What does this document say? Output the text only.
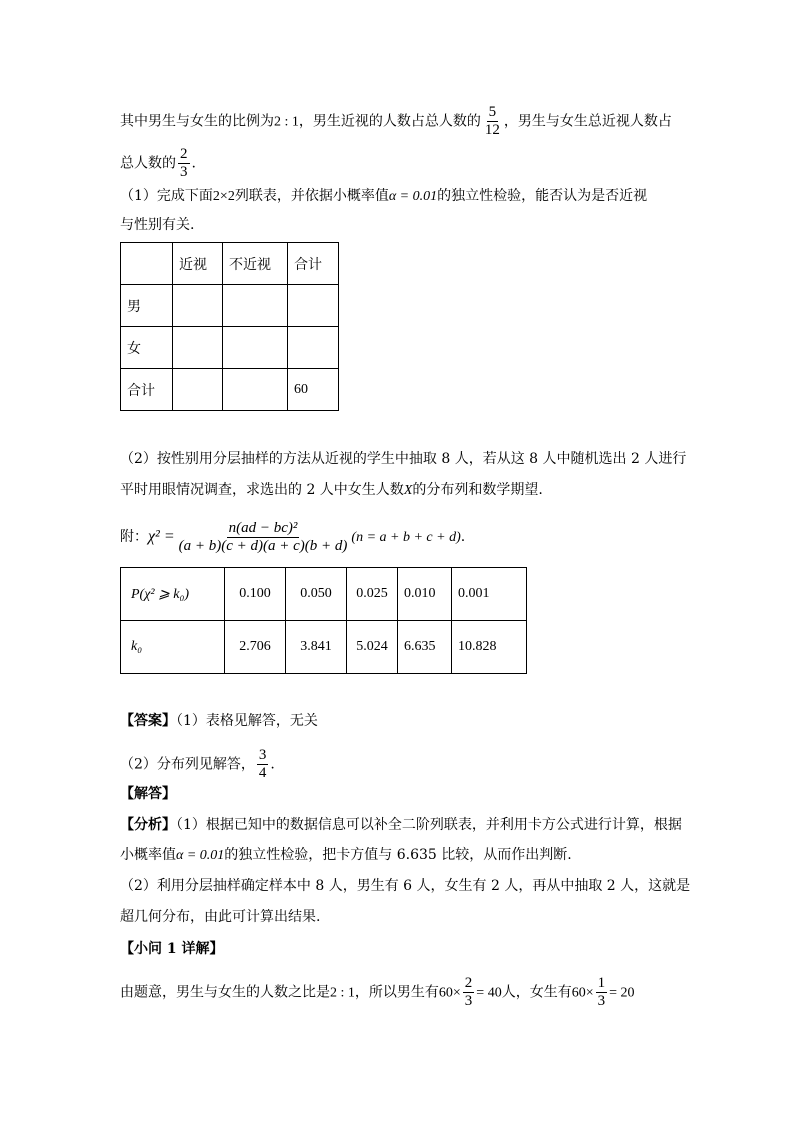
其中男生与女生的比例为2 : 1，男生近视的人数占总人数的 $\frac{5}{12}$ ，男生与女生总近视人数占
总人数的 $\frac{2}{3}$ .
（1）完成下面2×2列联表，并依据小概率值α = 0.01的独立性检验，能否认为是否近视
与性别有关.
	近视	不近视	合计
男			
女			
合计			60
（2）按性别用分层抽样的方法从近视的学生中抽取 8 人，若从这 8 人中随机选出 2 人进行
平时用眼情况调查，求选出的 2 人中女生人数X的分布列和数学期望.
附：$\chi^2 = \frac{\text{n(ad − bc)²}}{(a + b)(c + d)(a + c)(b + d)} (n = a + b + c + d)$.
P(χ² ⩾ k₀)	0.100	0.050	0.025	0.010	0.001
k₀	2.706	3.841	5.024	6.635	10.828
【答案】（1）表格见解答，无关
（2）分布列见解答， $\frac{3}{4}$ .
【解答】
【分析】（1）根据已知中的数据信息可以补全二阶列联表，并利用卡方公式进行计算，根据
小概率值α = 0.01的独立性检验，把卡方值与 6.635 比较，从而作出判断.
（2）利用分层抽样确定样本中 8 人，男生有 6 人，女生有 2 人，再从中抽取 2 人，这就是
超几何分布，由此可计算出结果.
【小问 1 详解】
由题意，男生与女生的人数之比是2 : 1，所以男生有$60\times \frac{2}{3} = 40$人，女生有$60\times \frac{1}{3} = 20$
